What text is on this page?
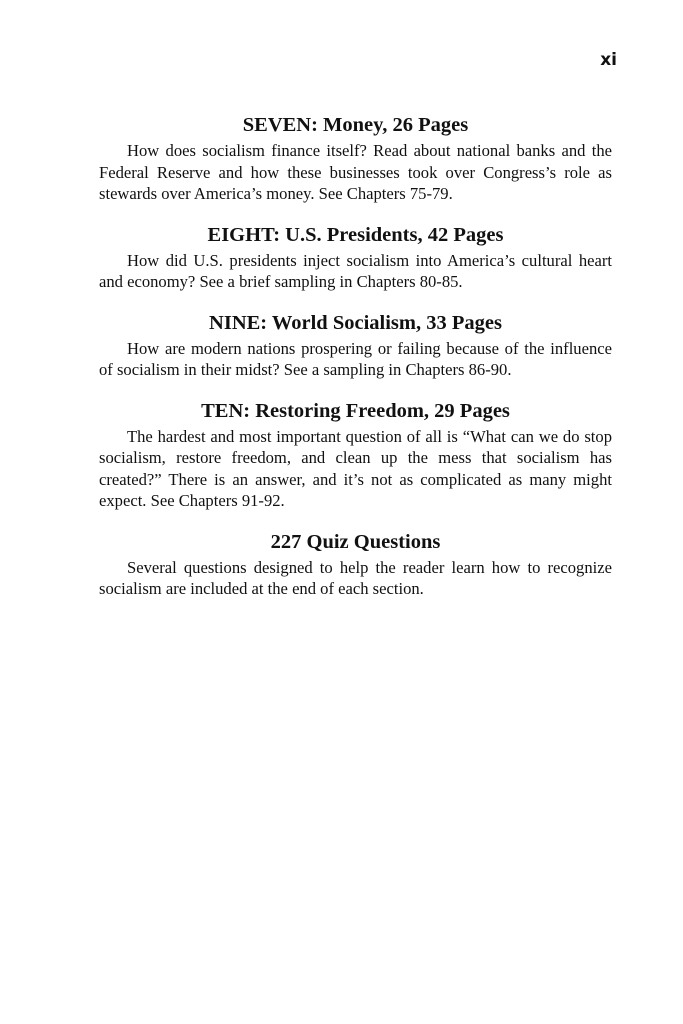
xi
SEVEN: Money, 26 Pages

How does socialism finance itself? Read about national banks and the Federal Reserve and how these businesses took over Congress’s role as stewards over America’s money. See Chapters 75-79.

EIGHT: U.S. Presidents, 42 Pages

How did U.S. presidents inject socialism into America’s cultural heart and economy? See a brief sampling in Chapters 80-85.

NINE: World Socialism, 33 Pages

How are modern nations prospering or failing because of the influence of socialism in their midst? See a sampling in Chapters 86-90.

TEN: Restoring Freedom, 29 Pages

The hardest and most important question of all is “What can we do stop socialism, restore freedom, and clean up the mess that socialism has created?” There is an answer, and it’s not as complicated as many might expect. See Chapters 91-92.

227 Quiz Questions

Several questions designed to help the reader learn how to recognize socialism are included at the end of each section.
